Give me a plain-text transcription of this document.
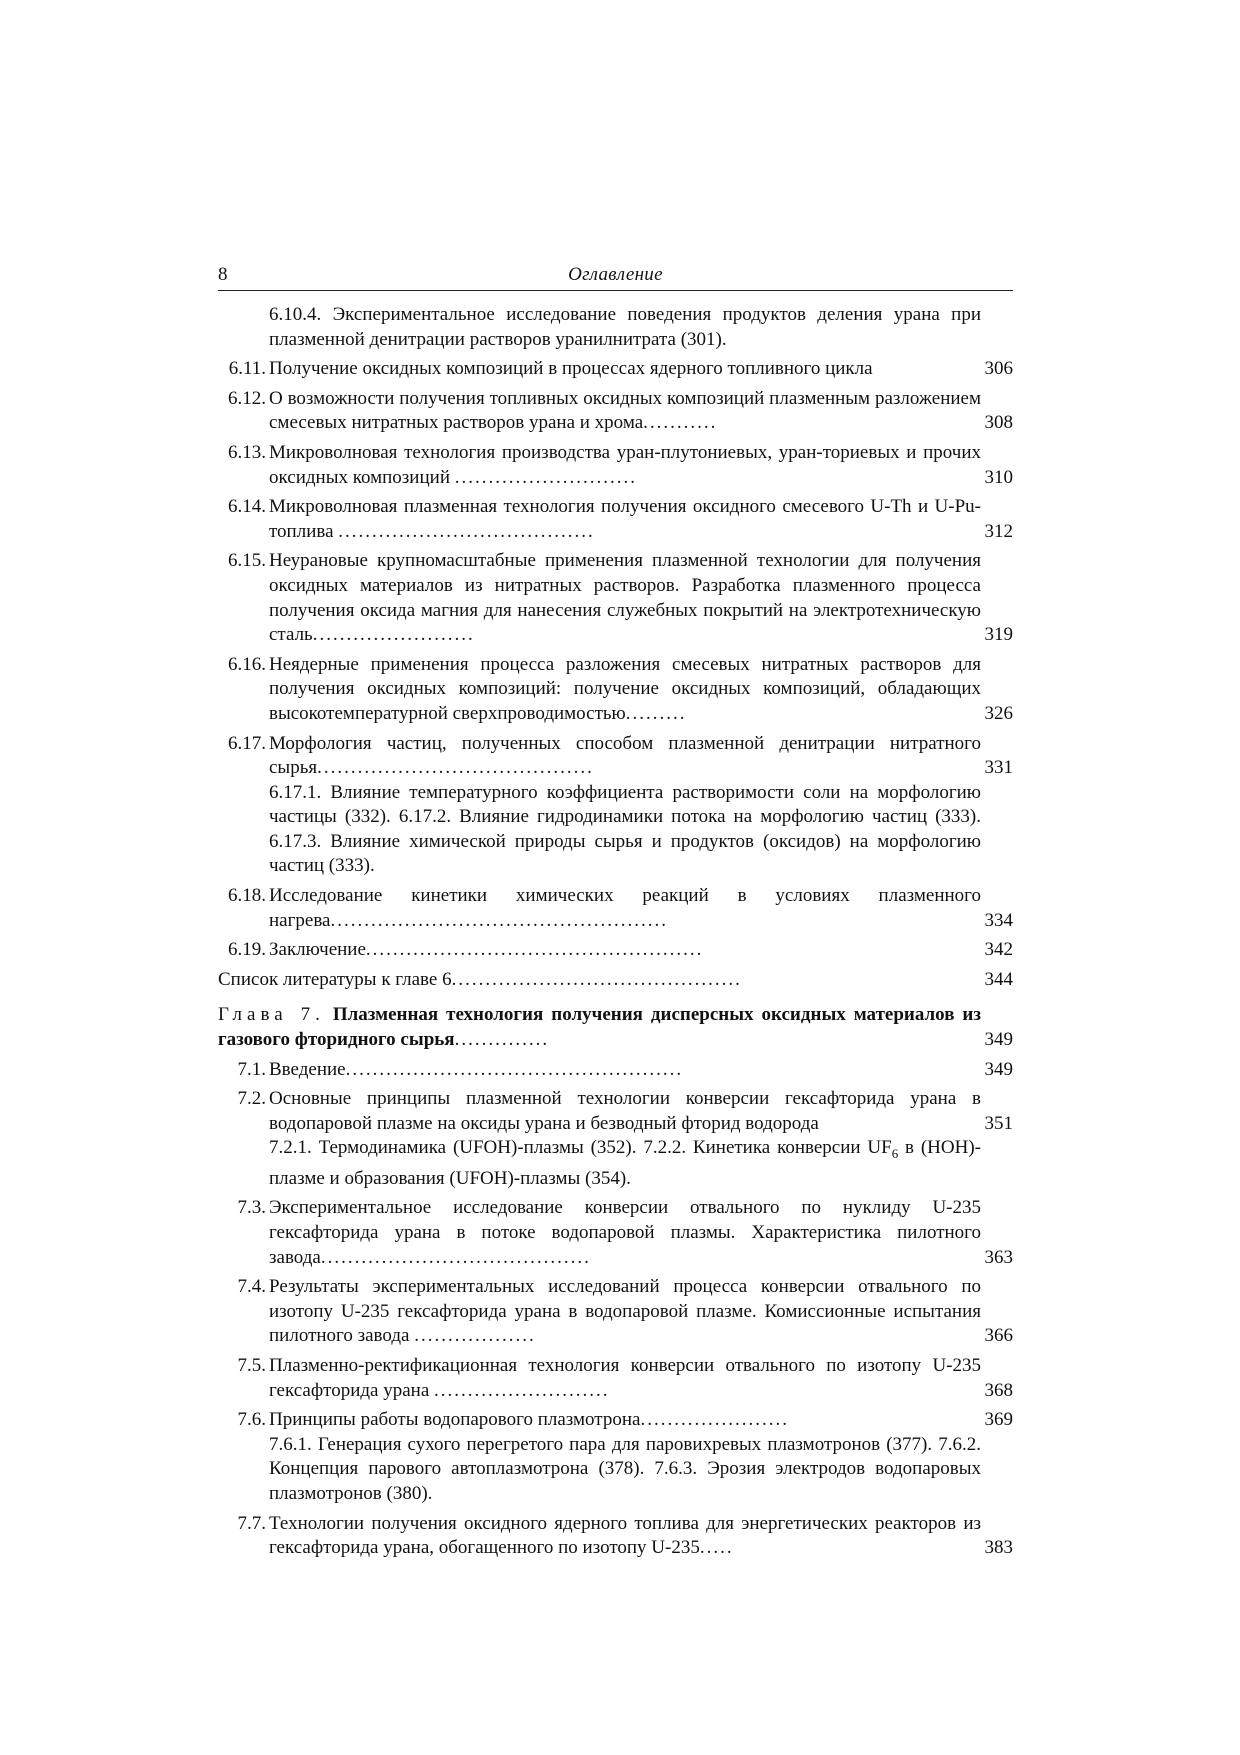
8	Оглавление
6.10.4. Экспериментальное исследование поведения продуктов деления урана при плазменной денитрации растворов уранилнитрата (301).
6.11. Получение оксидных композиций в процессах ядерного топливного цикла	306
6.12. О возможности получения топливных оксидных композиций плазменным разложением смесевых нитратных растворов урана и хрома...........	308
6.13. Микроволновая технология производства уран-плутониевых, уран-ториевых и прочих оксидных композиций ...........................	310
6.14. Микроволновая плазменная технология получения оксидного смесевого U-Th и U-Pu-топлива ......................................	312
6.15. Неурановые крупномасштабные применения плазменной технологии для получения оксидных материалов из нитратных растворов. Разработка плазменного процесса получения оксида магния для нанесения служебных покрытий на электротехническую сталь........................	319
6.16. Неядерные применения процесса разложения смесевых нитратных растворов для получения оксидных композиций: получение оксидных композиций, обладающих высокотемпературной сверхпроводимостью.........	326
6.17. Морфология частиц, полученных способом плазменной денитрации нитратного сырья.........................................	331
6.17.1. Влияние температурного коэффициента растворимости соли на морфологию частицы (332). 6.17.2. Влияние гидродинамики потока на морфологию частиц (333). 6.17.3. Влияние химической природы сырья и продуктов (оксидов) на морфологию частиц (333).
6.18. Исследование кинетики химических реакций в условиях плазменного нагрева..................................................	334
6.19. Заключение..................................................	342
Список литературы к главе 6...........................................	344
Глава 7. Плазменная технология получения дисперсных оксидных материалов из газового фторидного сырья..............	349
7.1. Введение..................................................	349
7.2. Основные принципы плазменной технологии конверсии гексафторида урана в водопаровой плазме на оксиды урана и безводный фторид водорода	351
7.2.1. Термодинамика (UFOH)-плазмы (352). 7.2.2. Кинетика конверсии $UF_6$ в (HOH)-плазме и образования (UFOH)-плазмы (354).
7.3. Экспериментальное исследование конверсии отвального по нуклиду U-235 гексафторида урана в потоке водопаровой плазмы. Характеристика пилотного завода........................................	363
7.4. Результаты экспериментальных исследований процесса конверсии отвального по изотопу U-235 гексафторида урана в водопаровой плазме. Комиссионные испытания пилотного завода ..................	366
7.5. Плазменно-ректификационная технология конверсии отвального по изотопу U-235 гексафторида урана ..........................	368
7.6. Принципы работы водопарового плазмотрона......................	369
7.6.1. Генерация сухого перегретого пара для паровихревых плазмотронов (377). 7.6.2. Концепция парового автоплазмотрона (378). 7.6.3. Эрозия электродов водопаровых плазмотронов (380).
7.7. Технологии получения оксидного ядерного топлива для энергетических реакторов из гексафторида урана, обогащенного по изотопу U-235.....	383
